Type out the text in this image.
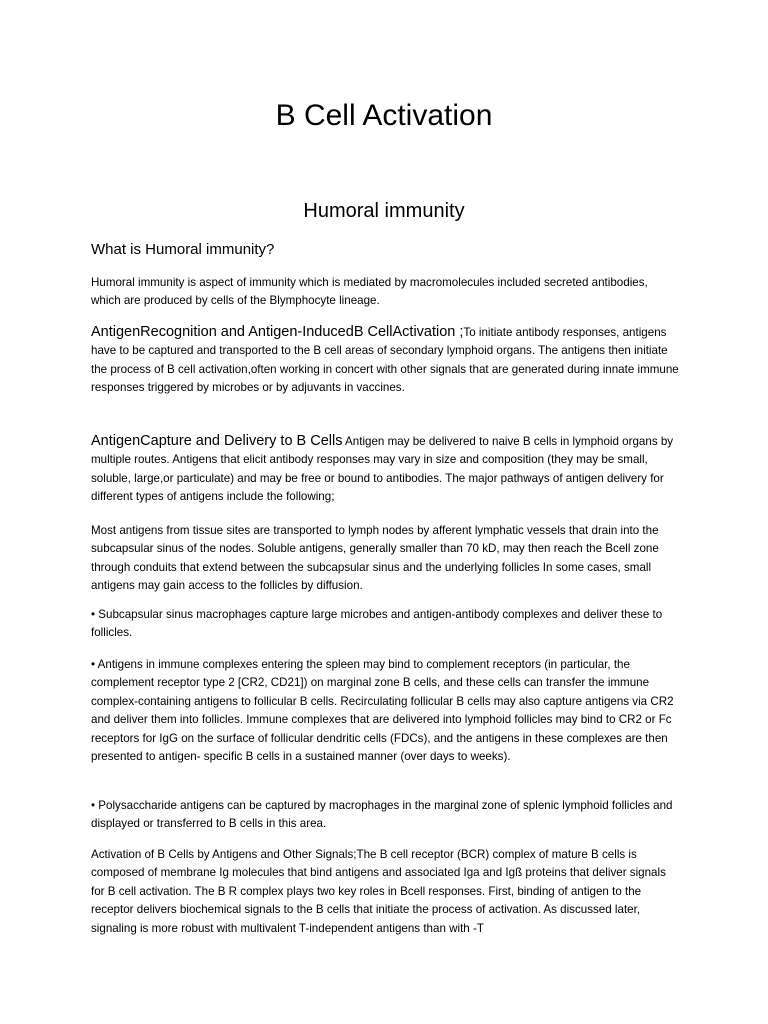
B Cell Activation
Humoral immunity
What is Humoral immunity?

Humoral immunity is aspect of immunity which is mediated by macromolecules included secreted antibodies, which are produced by cells of the Blymphocyte lineage.

AntigenRecognition and Antigen-InducedB CellActivation ;To initiate antibody responses, antigens have to be captured and transported to the B cell areas of secondary lymphoid organs. The antigens then initiate the process of B cell activation,often working in concert with other signals that are generated during innate immune responses triggered by microbes or by adjuvants in vaccines.

AntigenCapture and Delivery to B Cells Antigen may be delivered to naive B cells in lymphoid organs by multiple routes. Antigens that elicit antibody responses may vary in size and composition (they may be small, soluble, large,or particulate) and may be free or bound to antibodies. The major pathways of antigen delivery for different types of antigens include the following;

Most antigens from tissue sites are transported to lymph nodes by afferent lymphatic vessels that drain into the subcapsular sinus of the nodes. Soluble antigens, generally smaller than 70 kD, may then reach the Bcell zone through conduits that extend between the subcapsular sinus and the underlying follicles In some cases, small antigens may gain access to the follicles by diffusion.

• Subcapsular sinus macrophages capture large microbes and antigen-antibody complexes and deliver these to follicles.

• Antigens in immune complexes entering the spleen may bind to complement receptors (in particular, the complement receptor type 2 [CR2, CD21]) on marginal zone B cells, and these cells can transfer the immune complex-containing antigens to follicular B cells. Recirculating follicular B cells may also capture antigens via CR2 and deliver them into follicles. Immune complexes that are delivered into lymphoid follicles may bind to CR2 or Fc receptors for IgG on the surface of follicular dendritic cells (FDCs), and the antigens in these complexes are then presented to antigen- specific B cells in a sustained manner (over days to weeks).

• Polysaccharide antigens can be captured by macrophages in the marginal zone of splenic lymphoid follicles and displayed or transferred to B cells in this area.

Activation of B Cells by Antigens and Other Signals;The B cell receptor (BCR) complex of mature B cells is composed of membrane Ig molecules that bind antigens and associated Iga and Igß proteins that deliver signals for B cell activation. The B R complex plays two key roles in Bcell responses. First, binding of antigen to the receptor delivers biochemical signals to the B cells that initiate the process of activation. As discussed later, signaling is more robust with multivalent T-independent antigens than with -T
